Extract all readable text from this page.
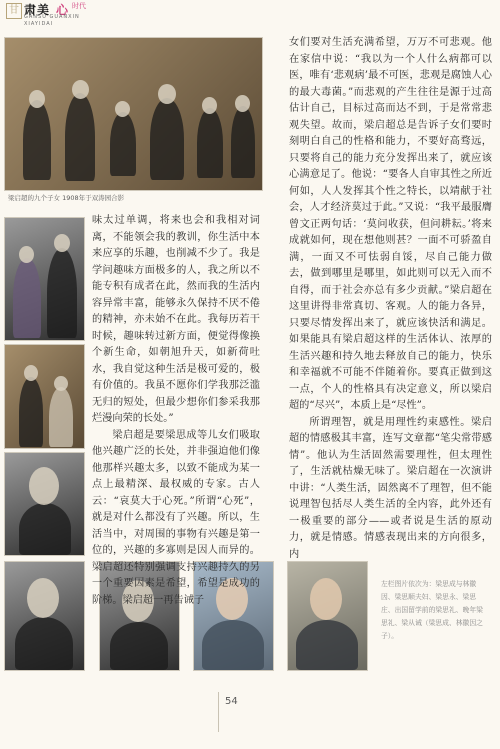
甘 肃美 心 时代
GANSU GUANXIN
XIAYIDAI
梁启超的九个子女 1908年于双涛园合影

味太过单调，将来也会和我相对词离，不能领会我的教训，你生活中本来应享的乐趣，也削减不少了。我是学问趣味方面极多的人，我之所以不能专积有成者在此，然而我的生活内容异常丰富，能够永久保持不厌不倦的精神，亦未始不在此。我每历若干时候，趣味转过新方面，便觉得像换个新生命，如朝旭升天，如新荷吐水，我自觉这种生活是极可爱的，极有价值的。我虽不愿你们学我那泛滥无归的短处，但最少想你们参采我那烂漫向荣的长处。”

梁启超是要梁思成等儿女们吸取他兴趣广泛的长处，并非强迫他们像他那样兴趣太多，以致不能成为某一点上最精深、最权威的专家。古人云：“哀莫大于心死。”所谓“心死”，就是对什么都没有了兴趣。所以，生活当中，对周围的事物有兴趣是第一位的，兴趣的多寡则是因人而异的。梁启超还特别强调支持兴趣持久的另一个重要因素是希望，希望是成功的阶梯。梁启超一再告诫子

女们要对生活充满希望，万万不可悲观。他在家信中说：“我以为一个人什么病都可以医，唯有‘悲观病’最不可医，悲观是腐蚀人心的最大毒菌。”而悲观的产生往往是源于过高估计自己，目标过高而达不到，于是常常悲观失望。故而，梁启超总是告诉子女们要时刻明白自己的性格和能力，不要好高骛远，只要将自己的能力充分发挥出来了，就应该心满意足了。他说：“要各人自审其性之所近何如，人人发挥其个性之特长，以靖献于社会，人才经济莫过于此。”又说：“我平最服膺曾文正两句话：‘莫问收获，但问耕耘。’将来成就如何，现在想他则甚？一面不可骄盈自满，一面又不可怯弱自馁，尽自己能力做去，做到哪里是哪里，如此则可以无入而不自得，而于社会亦总有多少贡献。”梁启超在这里讲得非常真切、客观。人的能力各异，只要尽情发挥出来了，就应该快活和满足。如果能具有梁启超这样的生活体认、浓厚的生活兴趣和持久地去释放自己的能力，快乐和幸福就不可能不伴随着你。要真正做到这一点，个人的性格具有决定意义，所以梁启超的“尽兴”，本质上是“尽性”。

所谓理智，就是用理性约束感性。梁启超的情感极其丰富，连写文章都“笔尖常带感情”。他认为生活固然需要理性，但太理性了，生活就枯燥无味了。梁启超在一次演讲中讲：“人类生活，固然离不了理智，但不能说理智包括尽人类生活的全内容，此外还有一极重要的部分——或者说是生活的原动力，就是情感。情感表现出来的方向很多，内

左栏图片依次为：梁思成与林徽因、梁思顺夫妇、梁思永、梁思庄、出国留学前的梁思礼、晚年梁思礼、梁从诫（梁思成、林徽因之子）。
54
